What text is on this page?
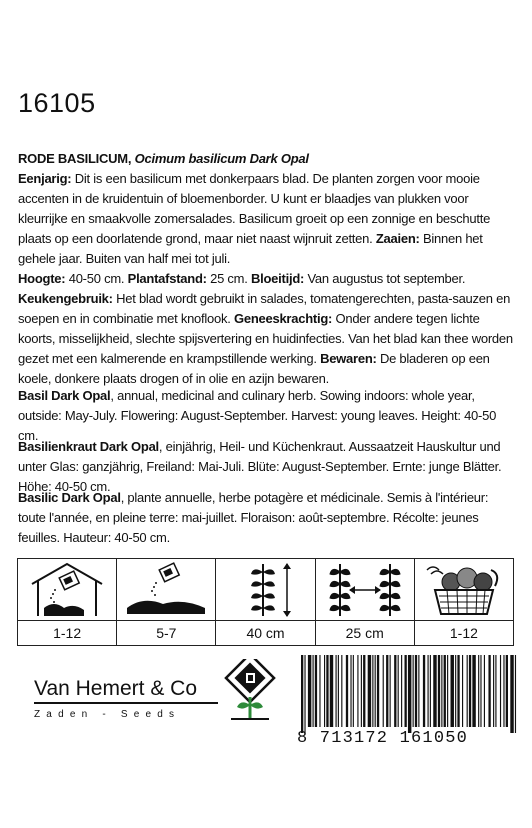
16105
RODE BASILICUM, Ocimum basilicum Dark Opal
Eenjarig: Dit is een basilicum met donkerpaars blad. De planten zorgen voor mooie accenten in de kruidentuin of bloemenborder. U kunt er blaadjes van plukken voor kleurrijke en smaakvolle zomersalades. Basilicum groeit op een zonnige en beschutte plaats op een doorlatende grond, maar niet naast wijnruit zetten. Zaaien: Binnen het gehele jaar. Buiten van half mei tot juli.
Hoogte: 40-50 cm. Plantafstand: 25 cm. Bloeitijd: Van augustus tot september.
Keukengebruik: Het blad wordt gebruikt in salades, tomatengerechten, pasta-sauzen en soepen en in combinatie met knoflook. Geneeskrachtig: Onder andere tegen lichte koorts, misselijkheid, slechte spijsvertering en huidinfecties. Van het blad kan thee worden gezet met een kalmerende en krampstillende werking. Bewaren: De bladeren op een koele, donkere plaats drogen of in olie en azijn bewaren.
Basil Dark Opal, annual, medicinal and culinary herb. Sowing indoors: whole year, outside: May-July. Flowering: August-September. Harvest: young leaves. Height: 40-50 cm.
Basilienkraut Dark Opal, einjährig, Heil- und Küchenkraut. Aussaatzeit Hauskultur und unter Glas: ganzjährig, Freiland: Mai-Juli. Blüte: August-September. Ernte: junge Blätter. Höhe: 40-50 cm.
Basilic Dark Opal, plante annuelle, herbe potagère et médicinale. Semis à l'intérieur: toute l'année, en pleine terre: mai-juillet. Floraison: août-septembre. Récolte: jeunes feuilles. Hauteur: 40-50 cm.
1-12	5-7	40 cm	25 cm	1-12
Van Hemert & Co
Zaden - Seeds
8 713172 161050
